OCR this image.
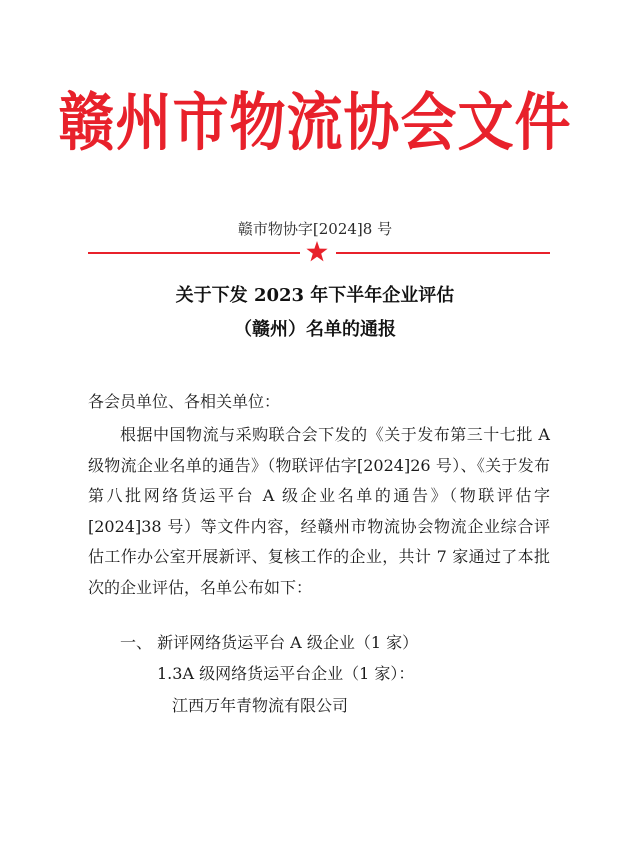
赣州市物流协会文件
赣市物协字[2024]8 号
关于下发 2023 年下半年企业评估
（赣州）名单的通报
各会员单位、各相关单位：

根据中国物流与采购联合会下发的《关于发布第三十七批 A 级物流企业名单的通告》（物联评估字[2024]26 号）、《关于发布第八批网络货运平台 A 级企业名单的通告》（物联评估字[2024]38 号）等文件内容，经赣州市物流协会物流企业综合评估工作办公室开展新评、复核工作的企业，共计 7 家通过了本批次的企业评估，名单公布如下：

一、 新评网络货运平台 A 级企业（1 家）
1.3A 级网络货运平台企业（1 家）：
江西万年青物流有限公司
